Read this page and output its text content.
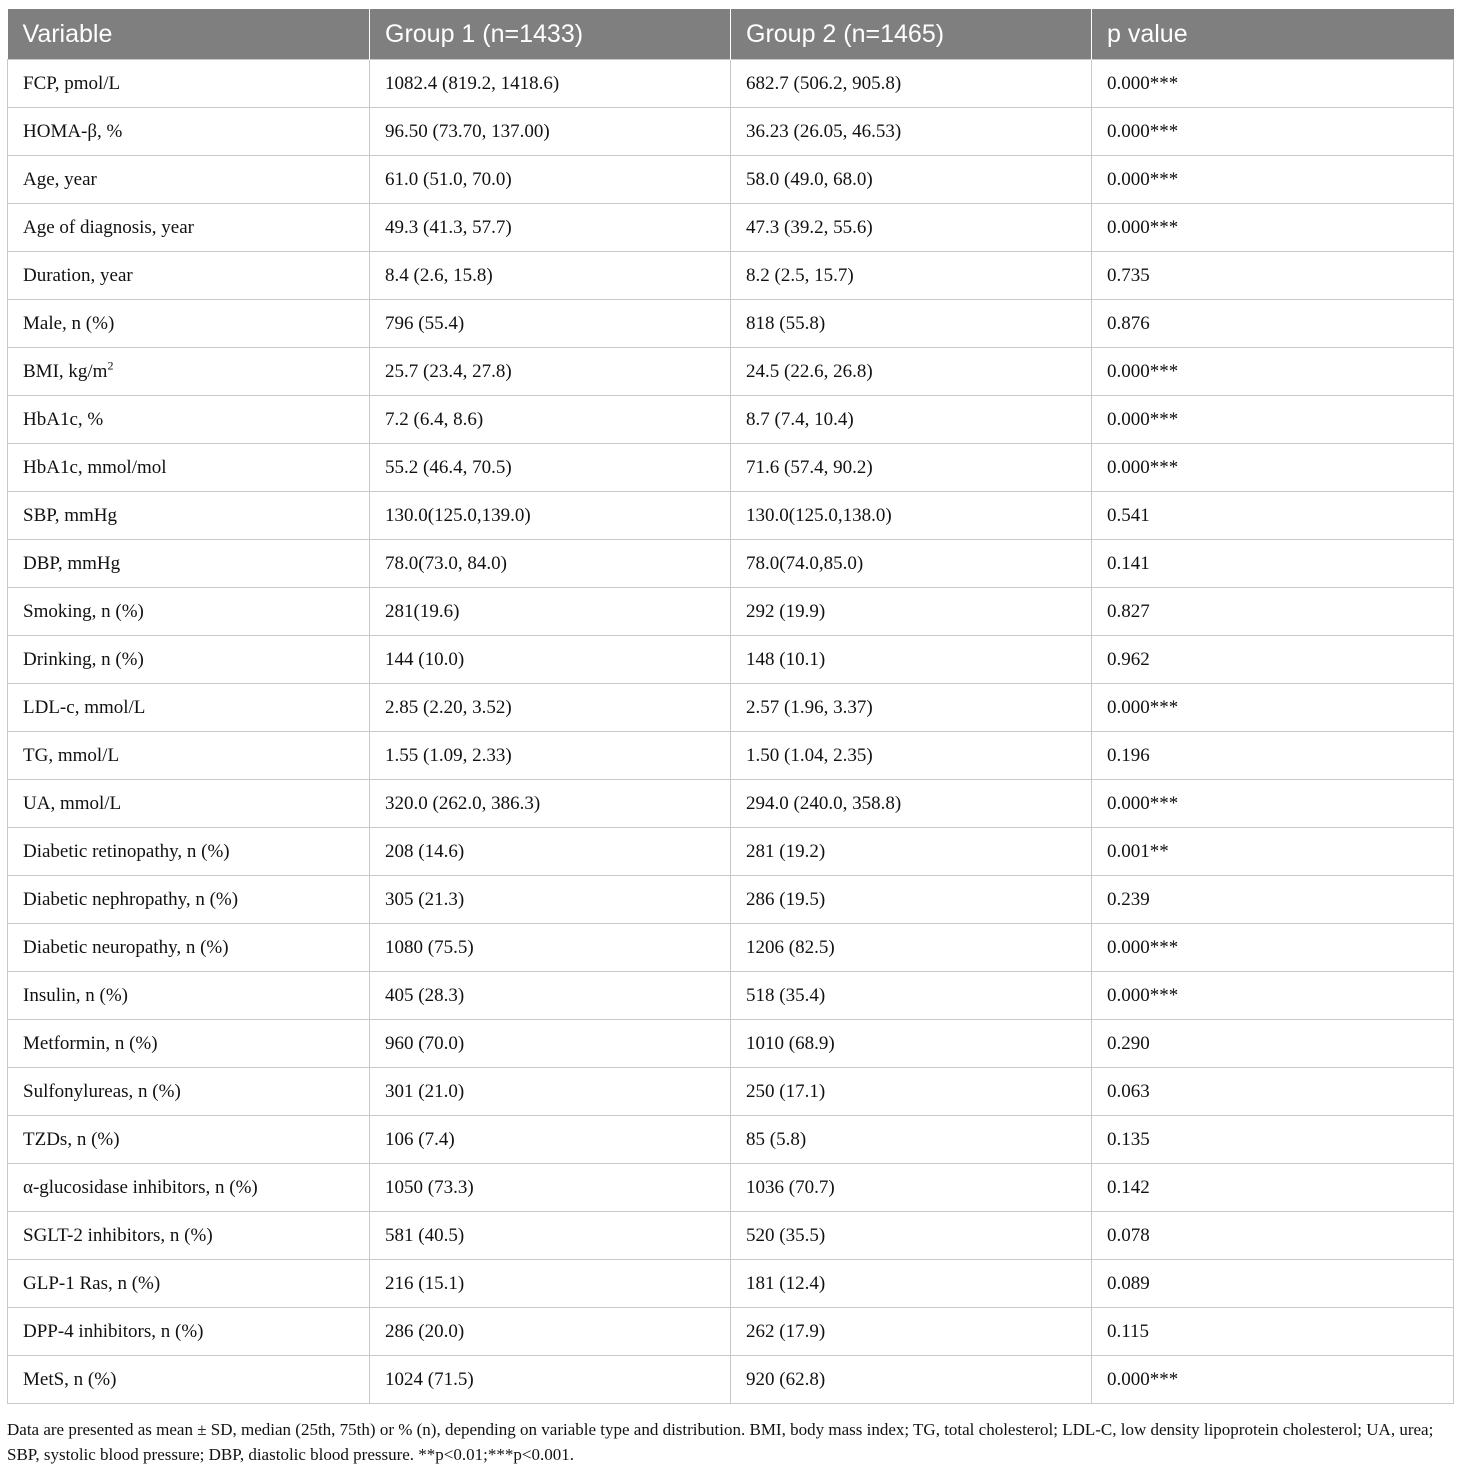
Variable	Group 1 (n=1433)	Group 2 (n=1465)	p value
FCP, pmol/L	1082.4 (819.2, 1418.6)	682.7 (506.2, 905.8)	0.000***
HOMA-β, %	96.50 (73.70, 137.00)	36.23 (26.05, 46.53)	0.000***
Age, year	61.0 (51.0, 70.0)	58.0 (49.0, 68.0)	0.000***
Age of diagnosis, year	49.3 (41.3, 57.7)	47.3 (39.2, 55.6)	0.000***
Duration, year	8.4 (2.6, 15.8)	8.2 (2.5, 15.7)	0.735
Male, n (%)	796 (55.4)	818 (55.8)	0.876
BMI, $kg/m^2$	25.7 (23.4, 27.8)	24.5 (22.6, 26.8)	0.000***
HbA1c, %	7.2 (6.4, 8.6)	8.7 (7.4, 10.4)	0.000***
HbA1c, mmol/mol	55.2 (46.4, 70.5)	71.6 (57.4, 90.2)	0.000***
SBP, mmHg	130.0(125.0,139.0)	130.0(125.0,138.0)	0.541
DBP, mmHg	78.0(73.0, 84.0)	78.0(74.0,85.0)	0.141
Smoking, n (%)	281(19.6)	292 (19.9)	0.827
Drinking, n (%)	144 (10.0)	148 (10.1)	0.962
LDL-c, mmol/L	2.85 (2.20, 3.52)	2.57 (1.96, 3.37)	0.000***
TG, mmol/L	1.55 (1.09, 2.33)	1.50 (1.04, 2.35)	0.196
UA, mmol/L	320.0 (262.0, 386.3)	294.0 (240.0, 358.8)	0.000***
Diabetic retinopathy, n (%)	208 (14.6)	281 (19.2)	0.001**
Diabetic nephropathy, n (%)	305 (21.3)	286 (19.5)	0.239
Diabetic neuropathy, n (%)	1080 (75.5)	1206 (82.5)	0.000***
Insulin, n (%)	405 (28.3)	518 (35.4)	0.000***
Metformin, n (%)	960 (70.0)	1010 (68.9)	0.290
Sulfonylureas, n (%)	301 (21.0)	250 (17.1)	0.063
TZDs, n (%)	106 (7.4)	85 (5.8)	0.135
α-glucosidase inhibitors, n (%)	1050 (73.3)	1036 (70.7)	0.142
SGLT-2 inhibitors, n (%)	581 (40.5)	520 (35.5)	0.078
GLP-1 Ras, n (%)	216 (15.1)	181 (12.4)	0.089
DPP-4 inhibitors, n (%)	286 (20.0)	262 (17.9)	0.115
MetS, n (%)	1024 (71.5)	920 (62.8)	0.000***
Data are presented as mean ± SD, median (25th, 75th) or % (n), depending on variable type and distribution. BMI, body mass index; TG, total cholesterol; LDL-C, low density lipoprotein cholesterol; UA, urea; SBP, systolic blood pressure; DBP, diastolic blood pressure. **p<0.01;***p<0.001.
